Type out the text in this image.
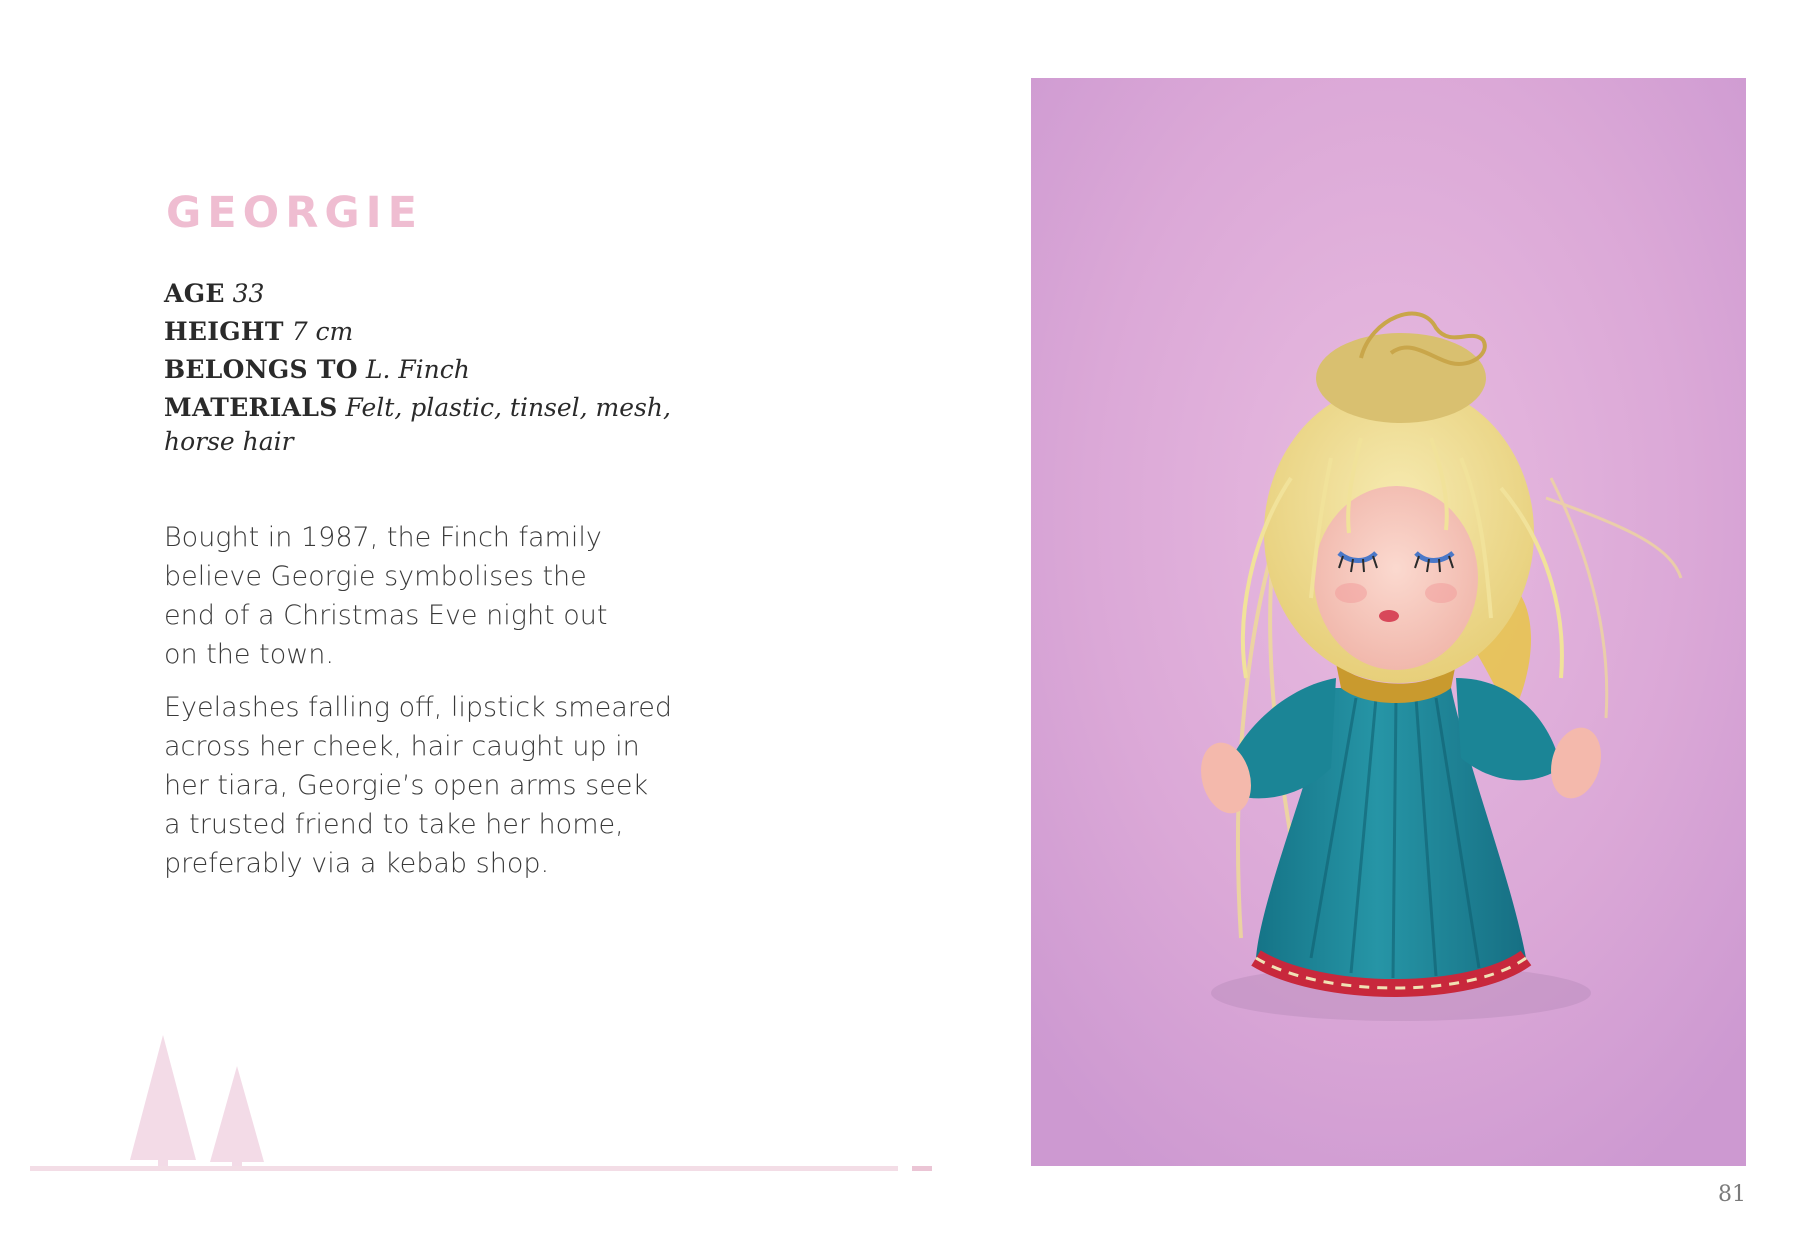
GEORGIE
AGE 33
HEIGHT 7 cm
BELONGS TO L. Finch
MATERIALS Felt, plastic, tinsel, mesh,
horse hair

Bought in 1987, the Finch family
believe Georgie symbolises the
end of a Christmas Eve night out
on the town.

Eyelashes falling off, lipstick smeared
across her cheek, hair caught up in
her tiara, Georgie’s open arms seek
a trusted friend to take her home,
preferably via a kebab shop.

81
